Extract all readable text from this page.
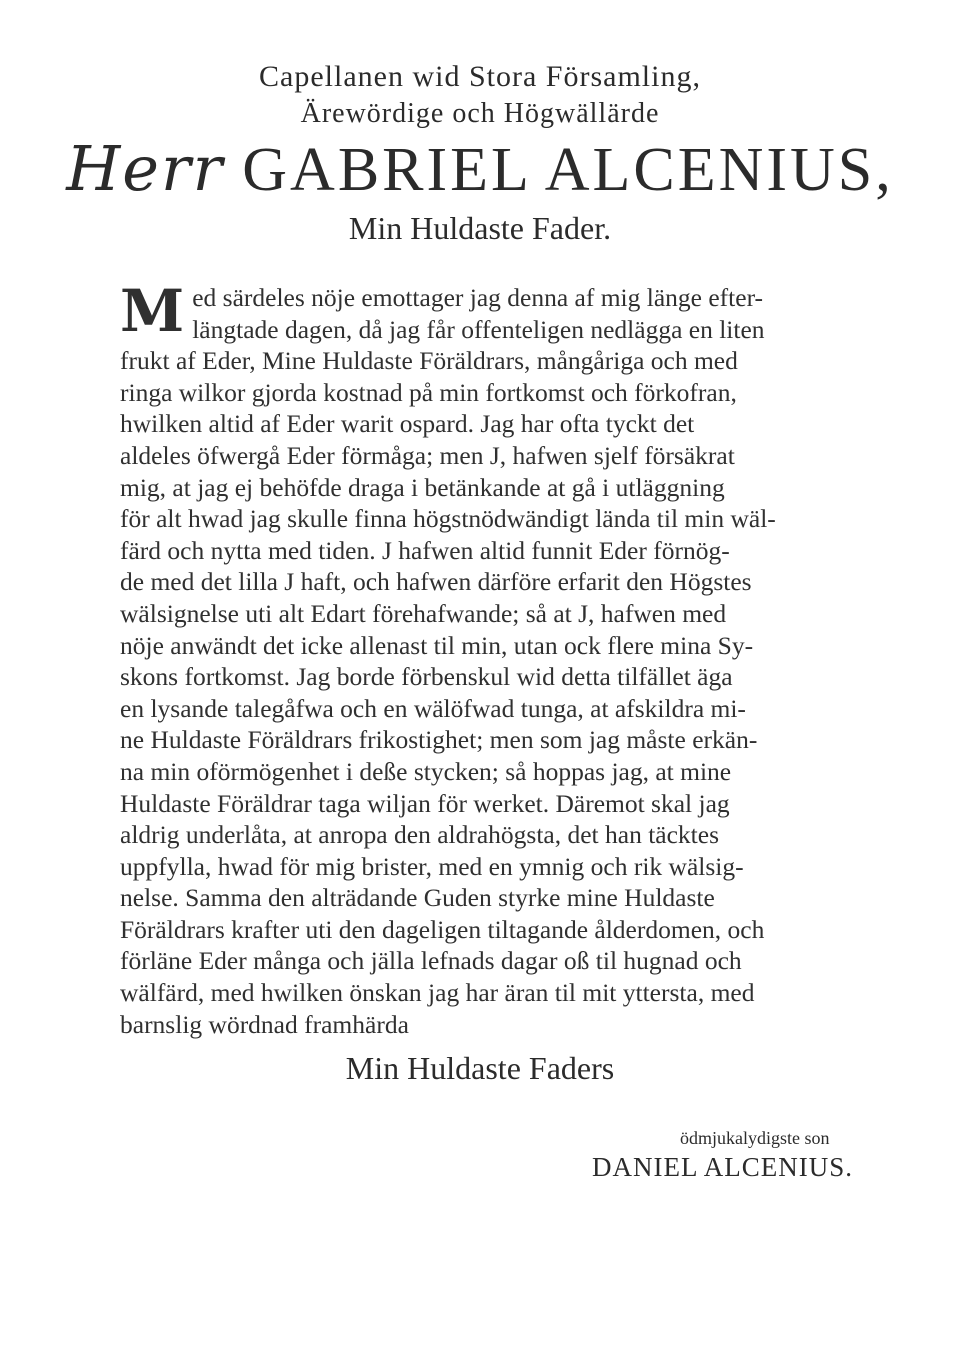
Capellanen wid Stora Församling,
Ärewördige och Högwällärde
Herr GABRIEL ALCENIUS,
Min Huldaste Fader.
M ed särdeles nöje emottager jag denna af mig länge efter-
längtade dagen, då jag får offenteligen nedlägga en liten
frukt af Eder, Mine Huldaste Föräldrars, mångåriga och med
ringa wilkor gjorda kostnad på min fortkomst och förkofran,
hwilken altid af Eder warit ospard. Jag har ofta tyckt det
aldeles öfwergå Eder förmåga; men J, hafwen sjelf försäkrat
mig, at jag ej behöfde draga i betänkande at gå i utläggning
för alt hwad jag skulle finna högstnödwändigt lända til min wäl-
färd och nytta med tiden. J hafwen altid funnit Eder förnög-
de med det lilla J haft, och hafwen därföre erfarit den Högstes
wälsignelse uti alt Edart förehafwande; så at J, hafwen med
nöje anwändt det icke allenast til min, utan ock flere mina Sy-
skons fortkomst. Jag borde förbenskul wid detta tilfället äga
en lysande talegåfwa och en wälöfwad tunga, at afskildra mi-
ne Huldaste Föräldrars frikostighet; men som jag måste erkän-
na min oförmögenhet i deße stycken; så hoppas jag, at mine
Huldaste Föräldrar taga wiljan för werket. Däremot skal jag
aldrig underlåta, at anropa den aldrahögsta, det han täcktes
uppfylla, hwad för mig brister, med en ymnig och rik wälsig-
nelse. Samma den alträdande Guden styrke mine Huldaste
Föräldrars krafter uti den dageligen tiltagande ålderdomen, och
förläne Eder många och jälla lefnads dagar oß til hugnad och
wälfärd, med hwilken önskan jag har äran til mit yttersta, med
barnslig wördnad framhärda
Min Huldaste Faders
ödmjukalydigste son
DANIEL ALCENIUS.
